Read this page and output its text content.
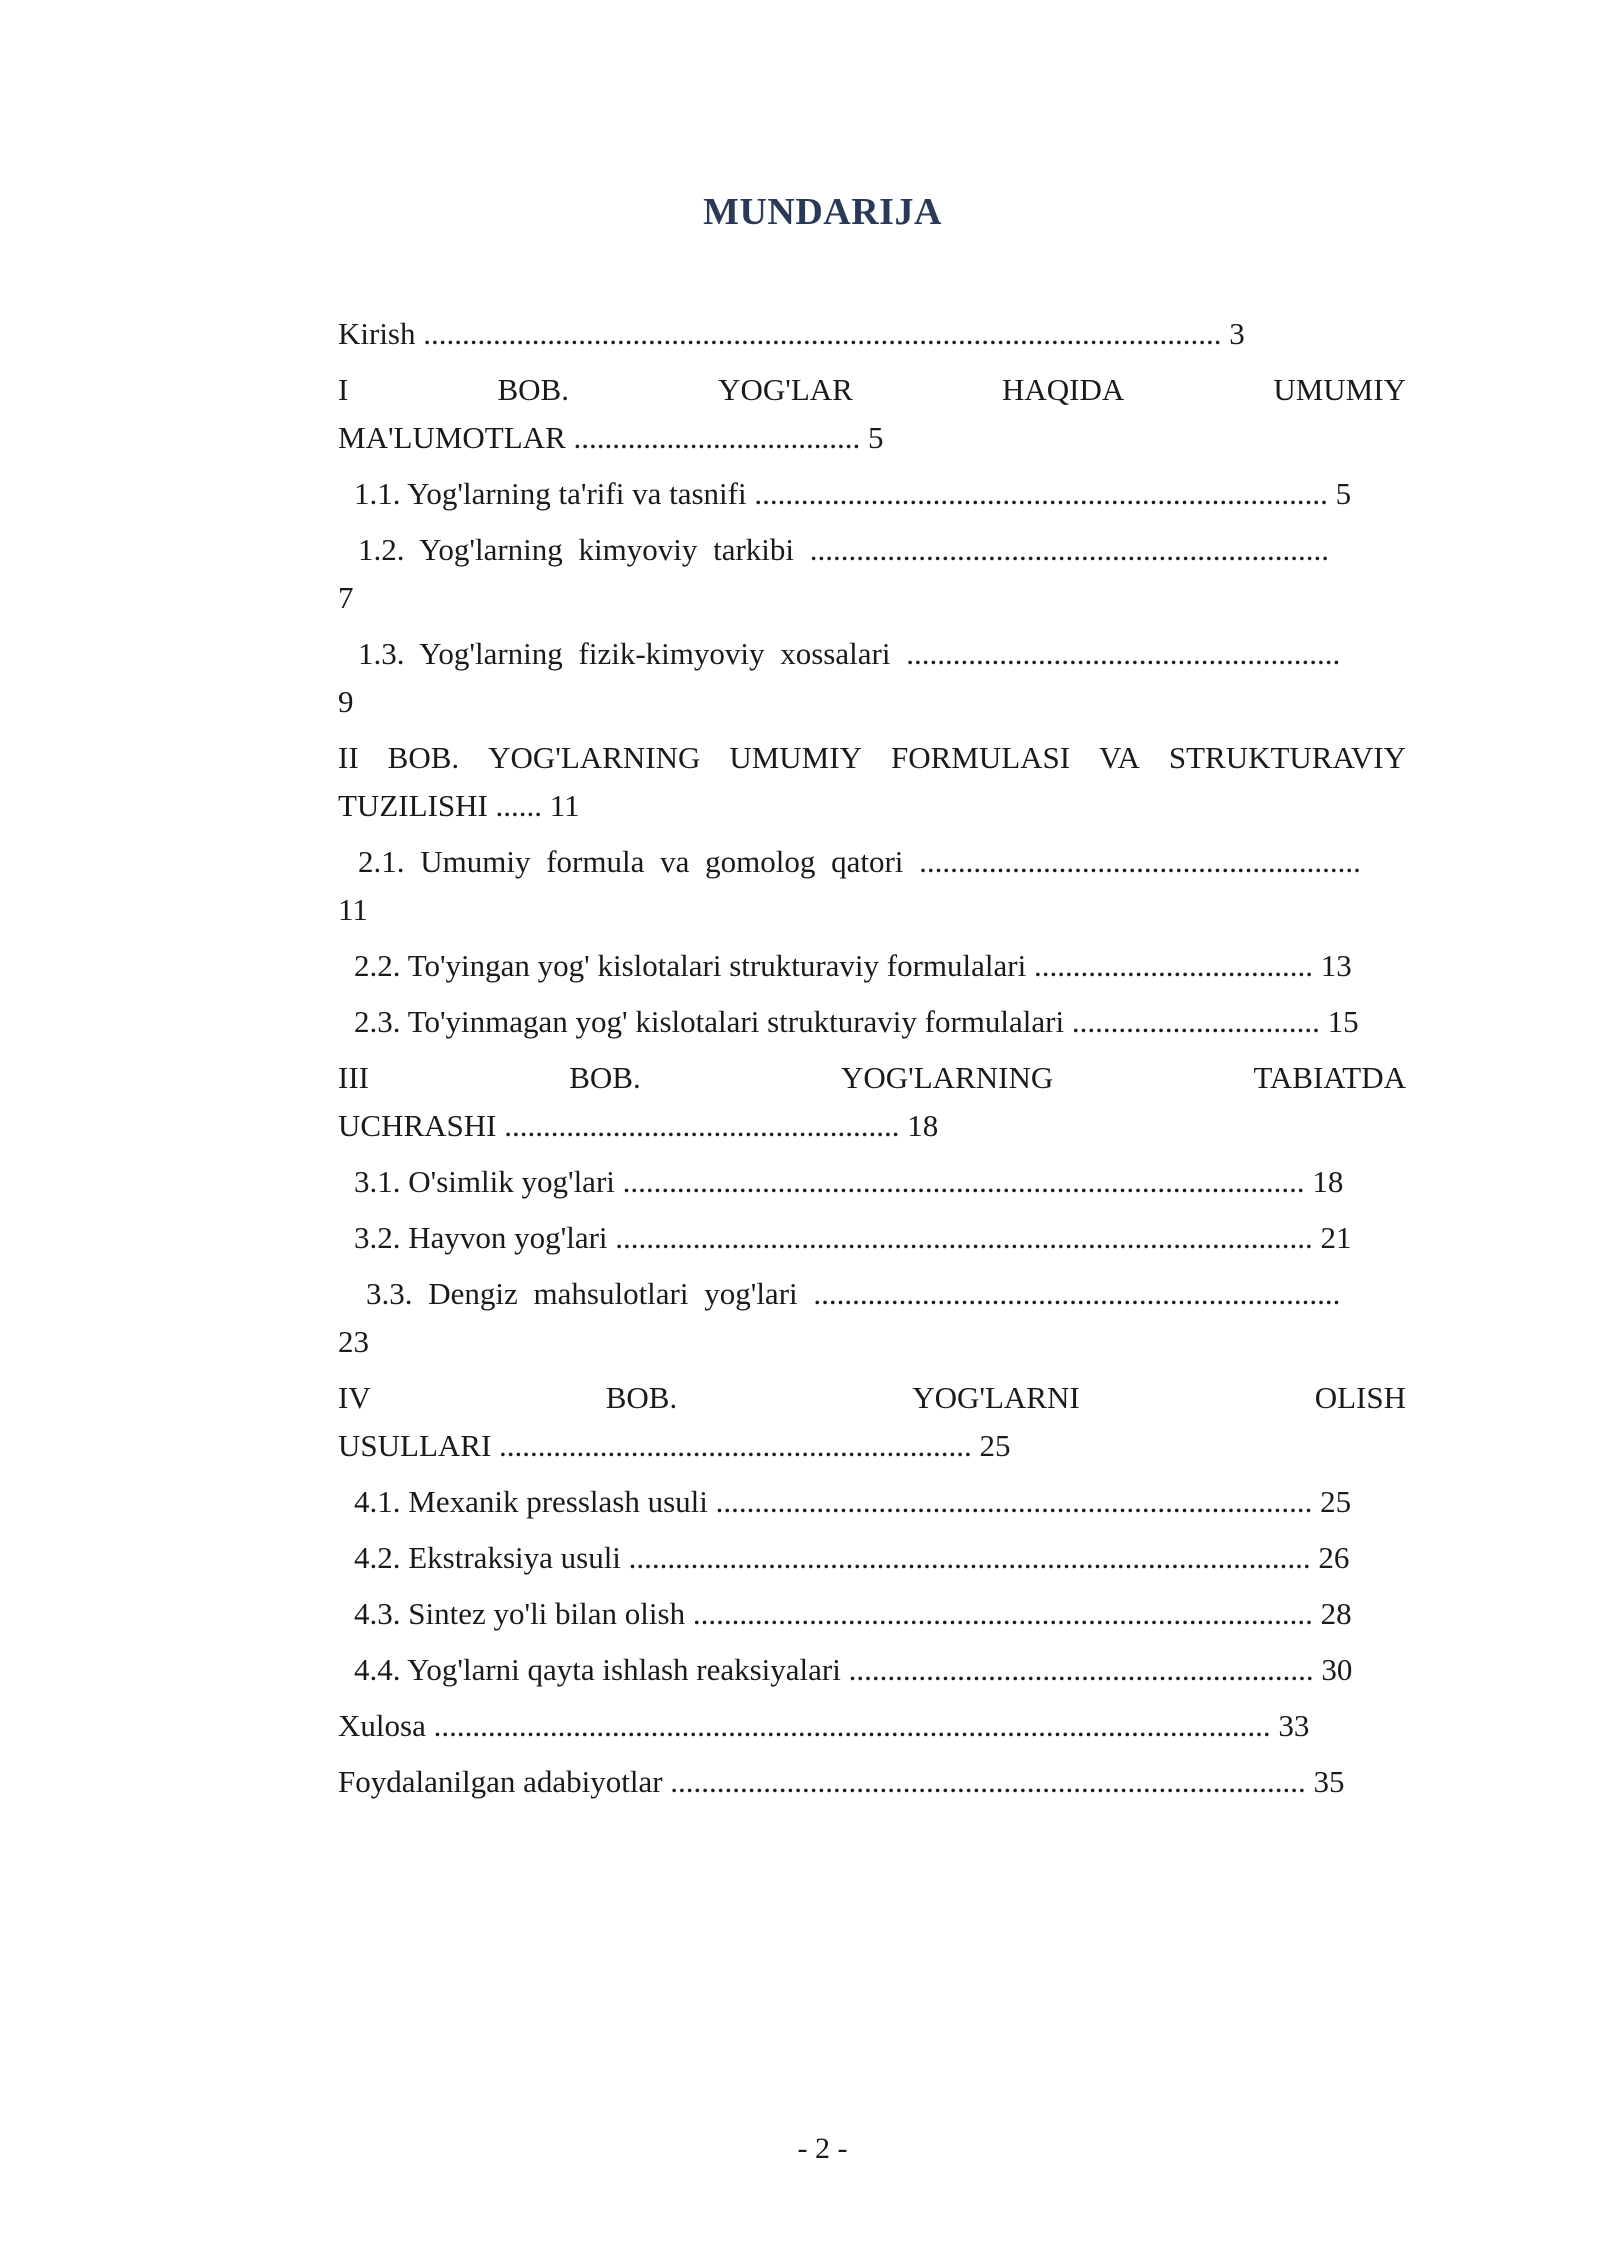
MUNDARIJA
Kirish ....................................................................................................... 3
I	BOB.	YOG'LAR	HAQIDA	UMUMIY
MA'LUMOTLAR ..................................... 5
1.1. Yog'larning ta'rifi va tasnifi .......................................................................... 5
1.2. Yog'larning kimyoviy tarkibi ...................................................................
7
1.3. Yog'larning fizik-kimyoviy xossalari ........................................................
9
II BOB. YOG'LARNING UMUMIY FORMULASI VA STRUKTURAVIY
TUZILISHI ...... 11
2.1. Umumiy formula va gomolog qatori .........................................................
11
2.2. To'yingan yog' kislotalari strukturaviy formulalari .................................... 13
2.3. To'yinmagan yog' kislotalari strukturaviy formulalari ................................ 15
III	BOB.	YOG'LARNING	TABIATDA
UCHRASHI ................................................... 18
3.1. O'simlik yog'lari ........................................................................................ 18
3.2. Hayvon yog'lari .......................................................................................... 21
3.3. Dengiz mahsulotlari yog'lari ....................................................................
23
IV	BOB.	YOG'LARNI	OLISH
USULLARI ............................................................. 25
4.1. Mexanik presslash usuli ............................................................................. 25
4.2. Ekstraksiya usuli ........................................................................................ 26
4.3. Sintez yo'li bilan olish ................................................................................ 28
4.4. Yog'larni qayta ishlash reaksiyalari ............................................................ 30
Xulosa ............................................................................................................ 33
Foydalanilgan adabiyotlar .................................................................................. 35
- 2 -
